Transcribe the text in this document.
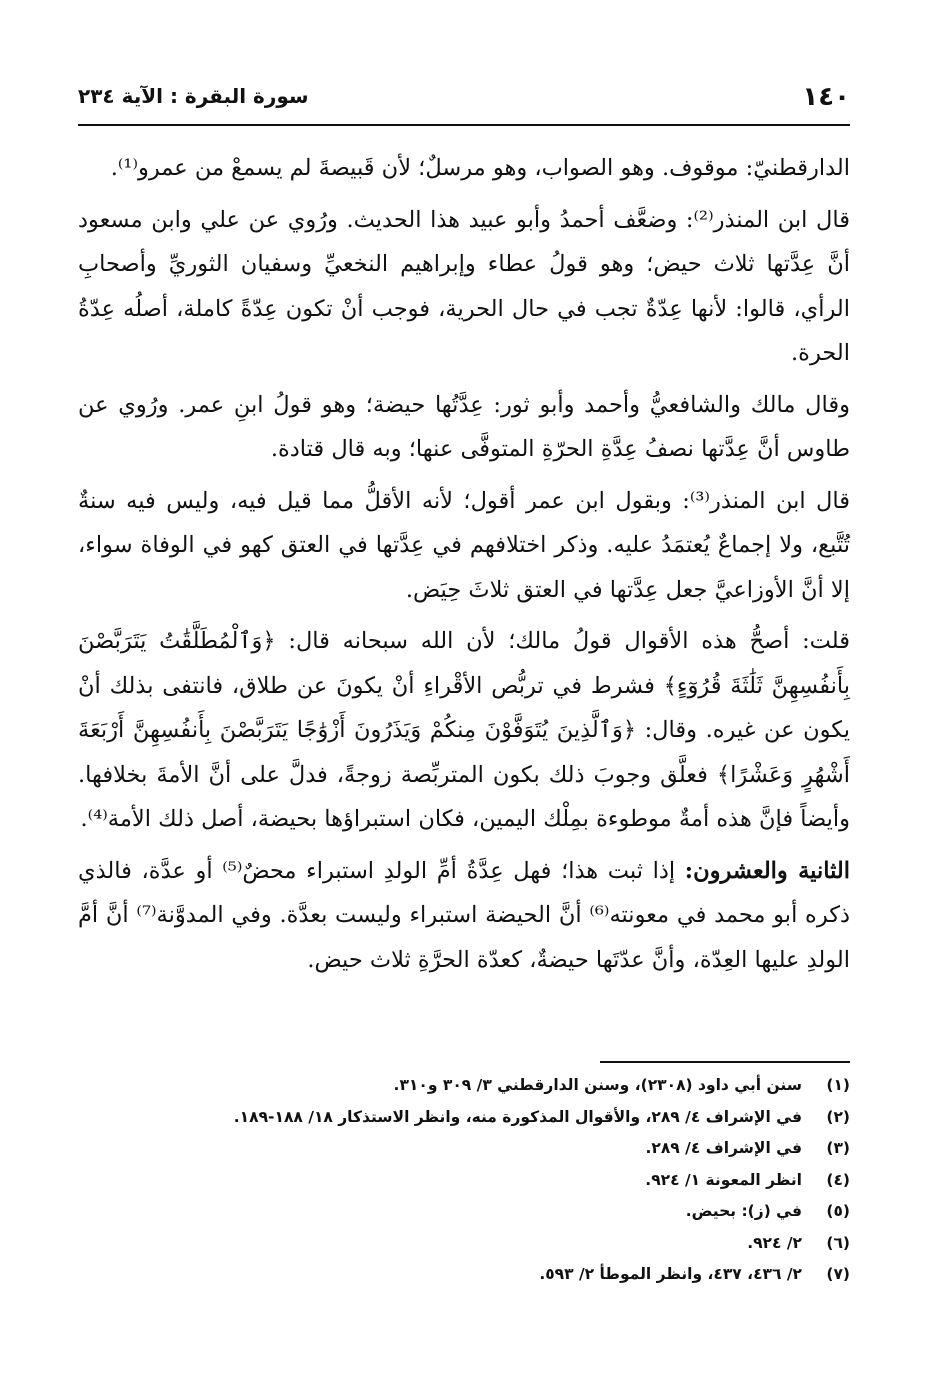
١٤٠
سورة البقرة : الآية ٢٣٤

الدارقطنيّ: موقوف. وهو الصواب، وهو مرسلٌ؛ لأن قَبيصةَ لم يسمعْ من عمرو⁽¹⁾.

قال ابن المنذر⁽²⁾: وضعَّف أحمدُ وأبو عبيد هذا الحديث. ورُوي عن علي وابن مسعود أنَّ عِدَّتها ثلاث حيض؛ وهو قولُ عطاء وإبراهيم النخعيِّ وسفيان الثوريِّ وأصحابِ الرأي، قالوا: لأنها عِدّةٌ تجب في حال الحرية، فوجب أنْ تكون عِدّةً كاملة، أصلُه عِدّةُ الحرة.

وقال مالك والشافعيُّ وأحمد وأبو ثور: عِدَّتُها حيضة؛ وهو قولُ ابنِ عمر. ورُوي عن طاوس أنَّ عِدَّتها نصفُ عِدَّةِ الحرّةِ المتوفَّى عنها؛ وبه قال قتادة.

قال ابن المنذر⁽³⁾: وبقول ابن عمر أقول؛ لأنه الأقلُّ مما قيل فيه، وليس فيه سنةٌ تُتَّبع، ولا إجماعٌ يُعتمَدُ عليه. وذكر اختلافهم في عِدَّتها في العتق كهو في الوفاة سواء، إلا أنَّ الأوزاعيَّ جعل عِدَّتها في العتق ثلاثَ حِيَض.

قلت: أصحُّ هذه الأقوال قولُ مالك؛ لأن الله سبحانه قال: ﴿وَٱلْمُطَلَّقَٰتُ يَتَرَبَّصْنَ بِأَنفُسِهِنَّ ثَلَٰثَةَ قُرُوٓءٍ﴾ فشرط في تربُّص الأقْراءِ أنْ يكونَ عن طلاق، فانتفى بذلك أنْ يكون عن غيره. وقال: ﴿وَٱلَّذِينَ يُتَوَفَّوْنَ مِنكُمْ وَيَذَرُونَ أَزْوَٰجًا يَتَرَبَّصْنَ بِأَنفُسِهِنَّ أَرْبَعَةَ أَشْهُرٍ وَعَشْرًا﴾ فعلَّق وجوبَ ذلك بكون المتربِّصة زوجةً، فدلَّ على أنَّ الأمةَ بخلافها. وأيضاً فإنَّ هذه أمةٌ موطوءة بمِلْك اليمين، فكان استبراؤها بحيضة، أصل ذلك الأمة⁽⁴⁾.

الثانية والعشرون: إذا ثبت هذا؛ فهل عِدَّةُ أمِّ الولدِ استبراء محضٌ⁽⁵⁾ أو عدَّة، فالذي ذكره أبو محمد في معونته⁽⁶⁾ أنَّ الحيضة استبراء وليست بعدَّة. وفي المدوَّنة⁽⁷⁾ أنَّ أمَّ الولدِ عليها العِدّة، وأنَّ عدّتَها حيضةٌ، كعدّة الحرَّةِ ثلاث حيض.

(١)سنن أبي داود (٢٣٠٨)، وسنن الدارقطني ٣/ ٣٠٩ و٣١٠.
(٢)في الإشراف ٤/ ٢٨٩، والأقوال المذكورة منه، وانظر الاستذكار ١٨/ ١٨٨-١٨٩.
(٣)في الإشراف ٤/ ٢٨٩.
(٤)انظر المعونة ١/ ٩٢٤.
(٥)في (ز): بحيض.
(٦)٢/ ٩٢٤.
(٧)٢/ ٤٣٦، ٤٣٧، وانظر الموطأ ٢/ ٥٩٣.
